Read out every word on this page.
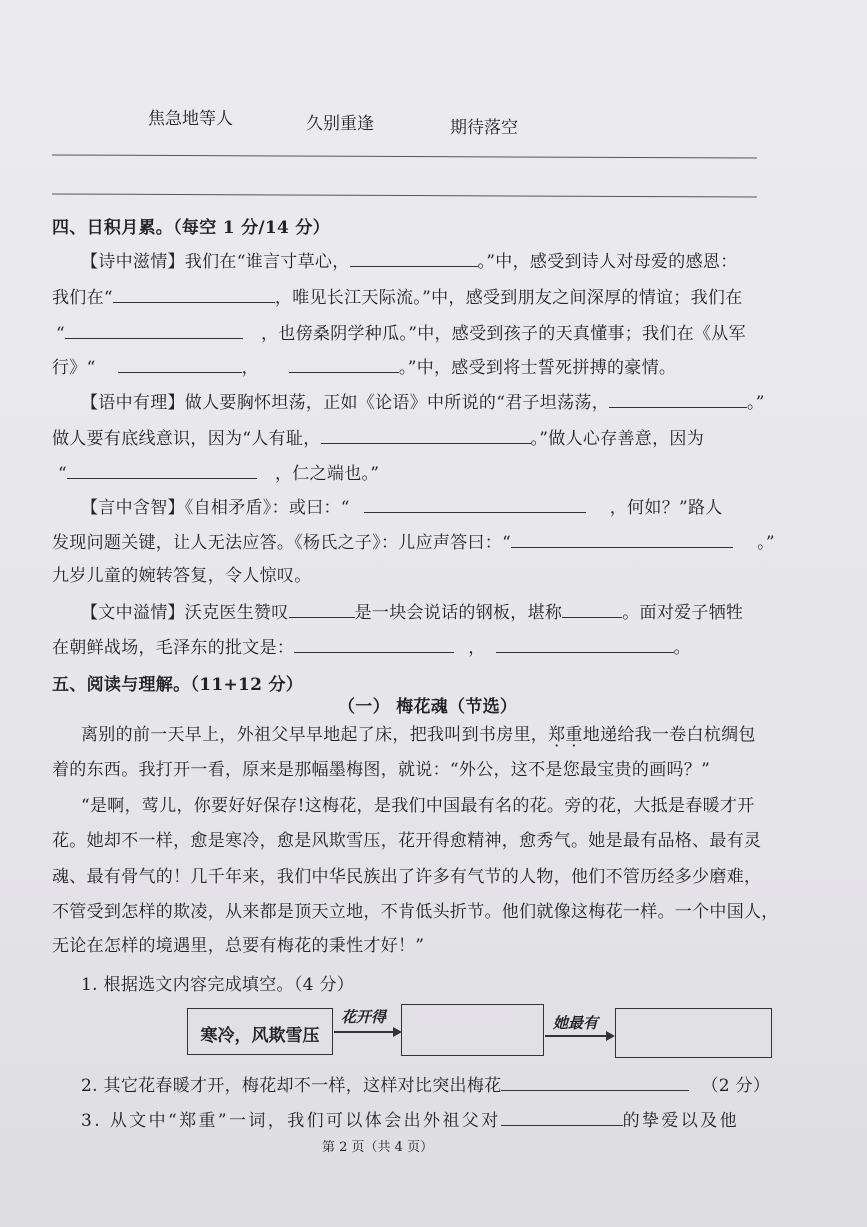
焦急地等人	久别重逢	期待落空
四、日积月累。（每空 1 分/14 分）
【诗中滋情】我们在“谁言寸草心，	。”中，感受到诗人对母爱的感恩：
我们在“	，唯见长江天际流。”中，感受到朋友之间深厚的情谊；我们在
“	，也傍桑阴学种瓜。”中，感受到孩子的天真懂事；我们在《从军
行》“	，	。”中，感受到将士誓死拼搏的豪情。
【语中有理】做人要胸怀坦荡，正如《论语》中所说的“君子坦荡荡，	。”
做人要有底线意识，因为“人有耻，	。”做人心存善意，因为
“	，仁之端也。”
【言中含智】《自相矛盾》：或曰：“	，何如？”路人
发现问题关键，让人无法应答。《杨氏之子》：儿应声答曰：“	。”
九岁儿童的婉转答复，令人惊叹。
【文中溢情】沃克医生赞叹	是一块会说话的钢板，堪称	。面对爱子牺牲
在朝鲜战场，毛泽东的批文是：	，	。
五、阅读与理解。（11+12 分）
（一） 梅花魂（节选）
离别的前一天早上，外祖父早早地起了床，把我叫到书房里，郑重地递给我一卷白杭绸包
着的东西。我打开一看，原来是那幅墨梅图，就说：“外公，这不是您最宝贵的画吗？”
“是啊，莺儿，你要好好保存!这梅花，是我们中国最有名的花。旁的花，大抵是春暖才开
花。她却不一样，愈是寒冷，愈是风欺雪压，花开得愈精神，愈秀气。她是最有品格、最有灵
魂、最有骨气的！几千年来，我们中华民族出了许多有气节的人物，他们不管历经多少磨难，
不管受到怎样的欺凌，从来都是顶天立地，不肯低头折节。他们就像这梅花一样。一个中国人，
无论在怎样的境遇里，总要有梅花的秉性才好！”
1. 根据选文内容完成填空。（4 分）
寒冷，风欺雪压
花开得	她最有
2. 其它花春暖才开，梅花却不一样，这样对比突出梅花	（2 分）
3. 从文中“郑重”一词，我们可以体会出外祖父对	的挚爱以及他
第 2 页（共 4 页）
